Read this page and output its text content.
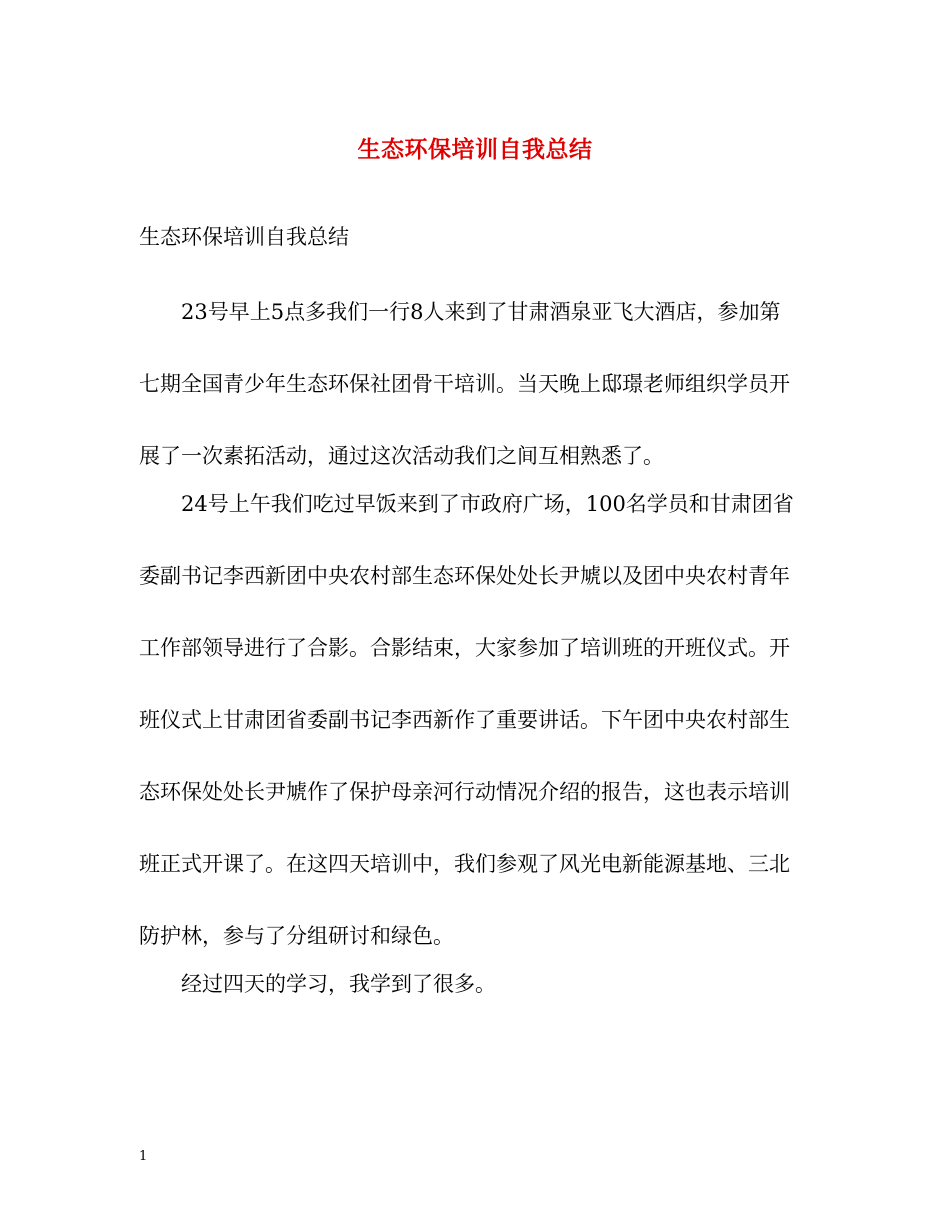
生态环保培训自我总结
生态环保培训自我总结
23号早上5点多我们一行8人来到了甘肃酒泉亚飞大酒店，参加第
七期全国青少年生态环保社团骨干培训。当天晚上邸璟老师组织学员开
展了一次素拓活动，通过这次活动我们之间互相熟悉了。
24号上午我们吃过早饭来到了市政府广场，100名学员和甘肃团省
委副书记李西新团中央农村部生态环保处处长尹虓以及团中央农村青年
工作部领导进行了合影。合影结束，大家参加了培训班的开班仪式。开
班仪式上甘肃团省委副书记李西新作了重要讲话。下午团中央农村部生
态环保处处长尹虓作了保护母亲河行动情况介绍的报告，这也表示培训
班正式开课了。在这四天培训中，我们参观了风光电新能源基地、三北
防护林，参与了分组研讨和绿色。
经过四天的学习，我学到了很多。
1
